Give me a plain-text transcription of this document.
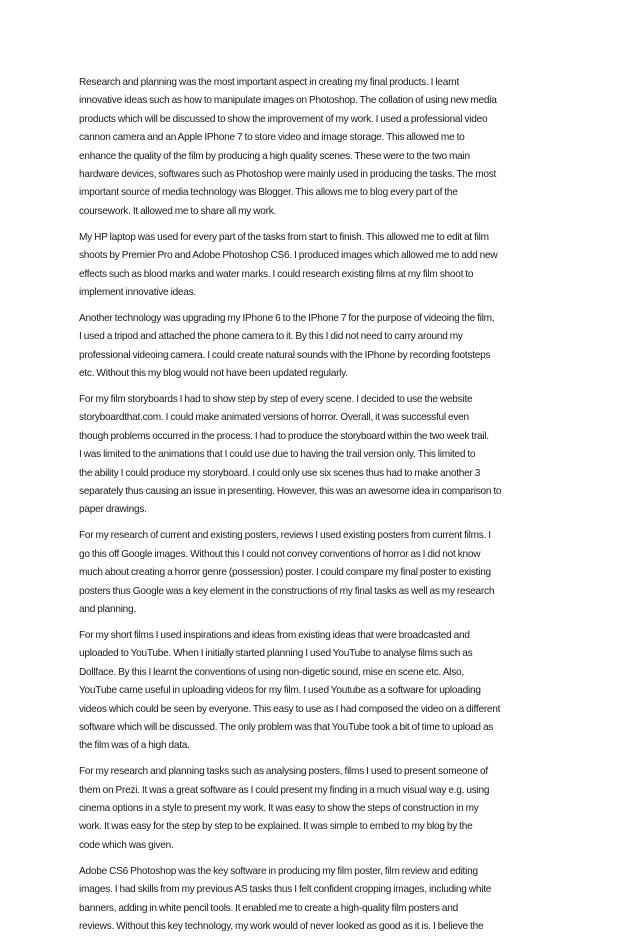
Research and planning was the most important aspect in creating my final products. I learnt
innovative ideas such as how to manipulate images on Photoshop. The collation of using new media
products which will be discussed to show the improvement of my work. I used a professional video
cannon camera and an Apple IPhone 7 to store video and image storage. This allowed me to
enhance the quality of the film by producing a high quality scenes. These were to the two main
hardware devices, softwares such as Photoshop were mainly used in producing the tasks. The most
important source of media technology was Blogger. This allows me to blog every part of the
coursework. It allowed me to share all my work.

My HP laptop was used for every part of the tasks from start to finish. This allowed me to edit at film
shoots by Premier Pro and Adobe Photoshop CS6. I produced images which allowed me to add new
effects such as blood marks and water marks. I could research existing films at my film shoot to
implement innovative ideas.

Another technology was upgrading my IPhone 6 to the IPhone 7 for the purpose of videoing the film,
I used a tripod and attached the phone camera to it. By this I did not need to carry around my
professional videoing camera. I could create natural sounds with the IPhone by recording footsteps
etc. Without this my blog would not have been updated regularly.

For my film storyboards I had to show step by step of every scene. I decided to use the website
storyboardthat.com. I could make animated versions of horror. Overall, it was successful even
though problems occurred in the process. I had to produce the storyboard within the two week trail.
I was limited to the animations that I could use due to having the trail version only. This limited to
the ability I could produce my storyboard. I could only use six scenes thus had to make another 3
separately thus causing an issue in presenting. However, this was an awesome idea in comparison to
paper drawings.

For my research of current and existing posters, reviews I used existing posters from current films. I
go this off Google images. Without this I could not convey conventions of horror as I did not know
much about creating a horror genre (possession) poster. I could compare my final poster to existing
posters thus Google was a key element in the constructions of my final tasks as well as my research
and planning.

For my short films I used inspirations and ideas from existing ideas that were broadcasted and
uploaded to YouTube. When I initially started planning I used YouTube to analyse films such as
Dollface. By this I learnt the conventions of using non-digetic sound, mise en scene etc. Also,
YouTube came useful in uploading videos for my film. I used Youtube as a software for uploading
videos which could be seen by everyone. This easy to use as I had composed the video on a different
software which will be discussed. The only problem was that YouTube took a bit of time to upload as
the film was of a high data.

For my research and planning tasks such as analysing posters, films I used to present someone of
them on Prezi. It was a great software as I could present my finding in a much visual way e.g. using
cinema options in a style to present my work. It was easy to show the steps of construction in my
work. It was easy for the step by step to be explained. It was simple to embed to my blog by the
code which was given.

Adobe CS6 Photoshop was the key software in producing my film poster, film review and editing
images. I had skills from my previous AS tasks thus I felt confident cropping images, including white
banners, adding in white pencil tools. It enabled me to create a high-quality film posters and
reviews. Without this key technology, my work would of never looked as good as it is. I believe the
